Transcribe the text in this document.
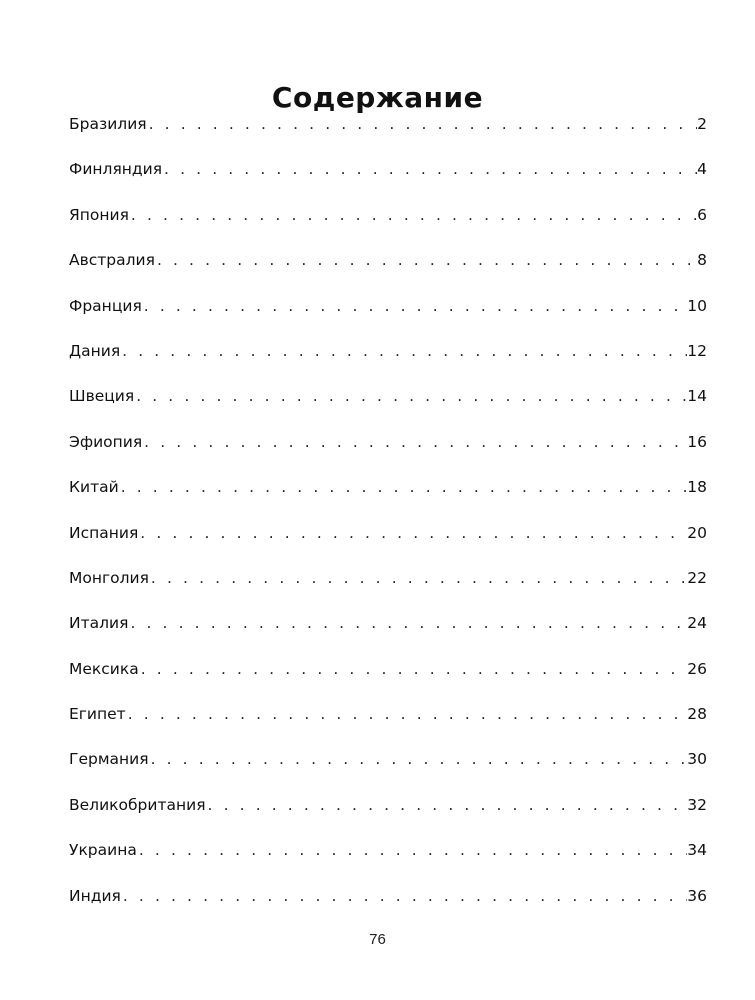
Содержание
Бразилия . . .	2
Финляндия . . .	4
Япония . . .	6
Австралия . . .	8
Франция . . .	10
Дания . . .	12
Швеция . . .	14
Эфиопия . . .	16
Китай . . .	18
Испания . . .	20
Монголия . . .	22
Италия . . .	24
Мексика . . .	26
Египет . . .	28
Германия . . .	30
Великобритания . . .	32
Украина . . .	34
Индия . . .	36
76
